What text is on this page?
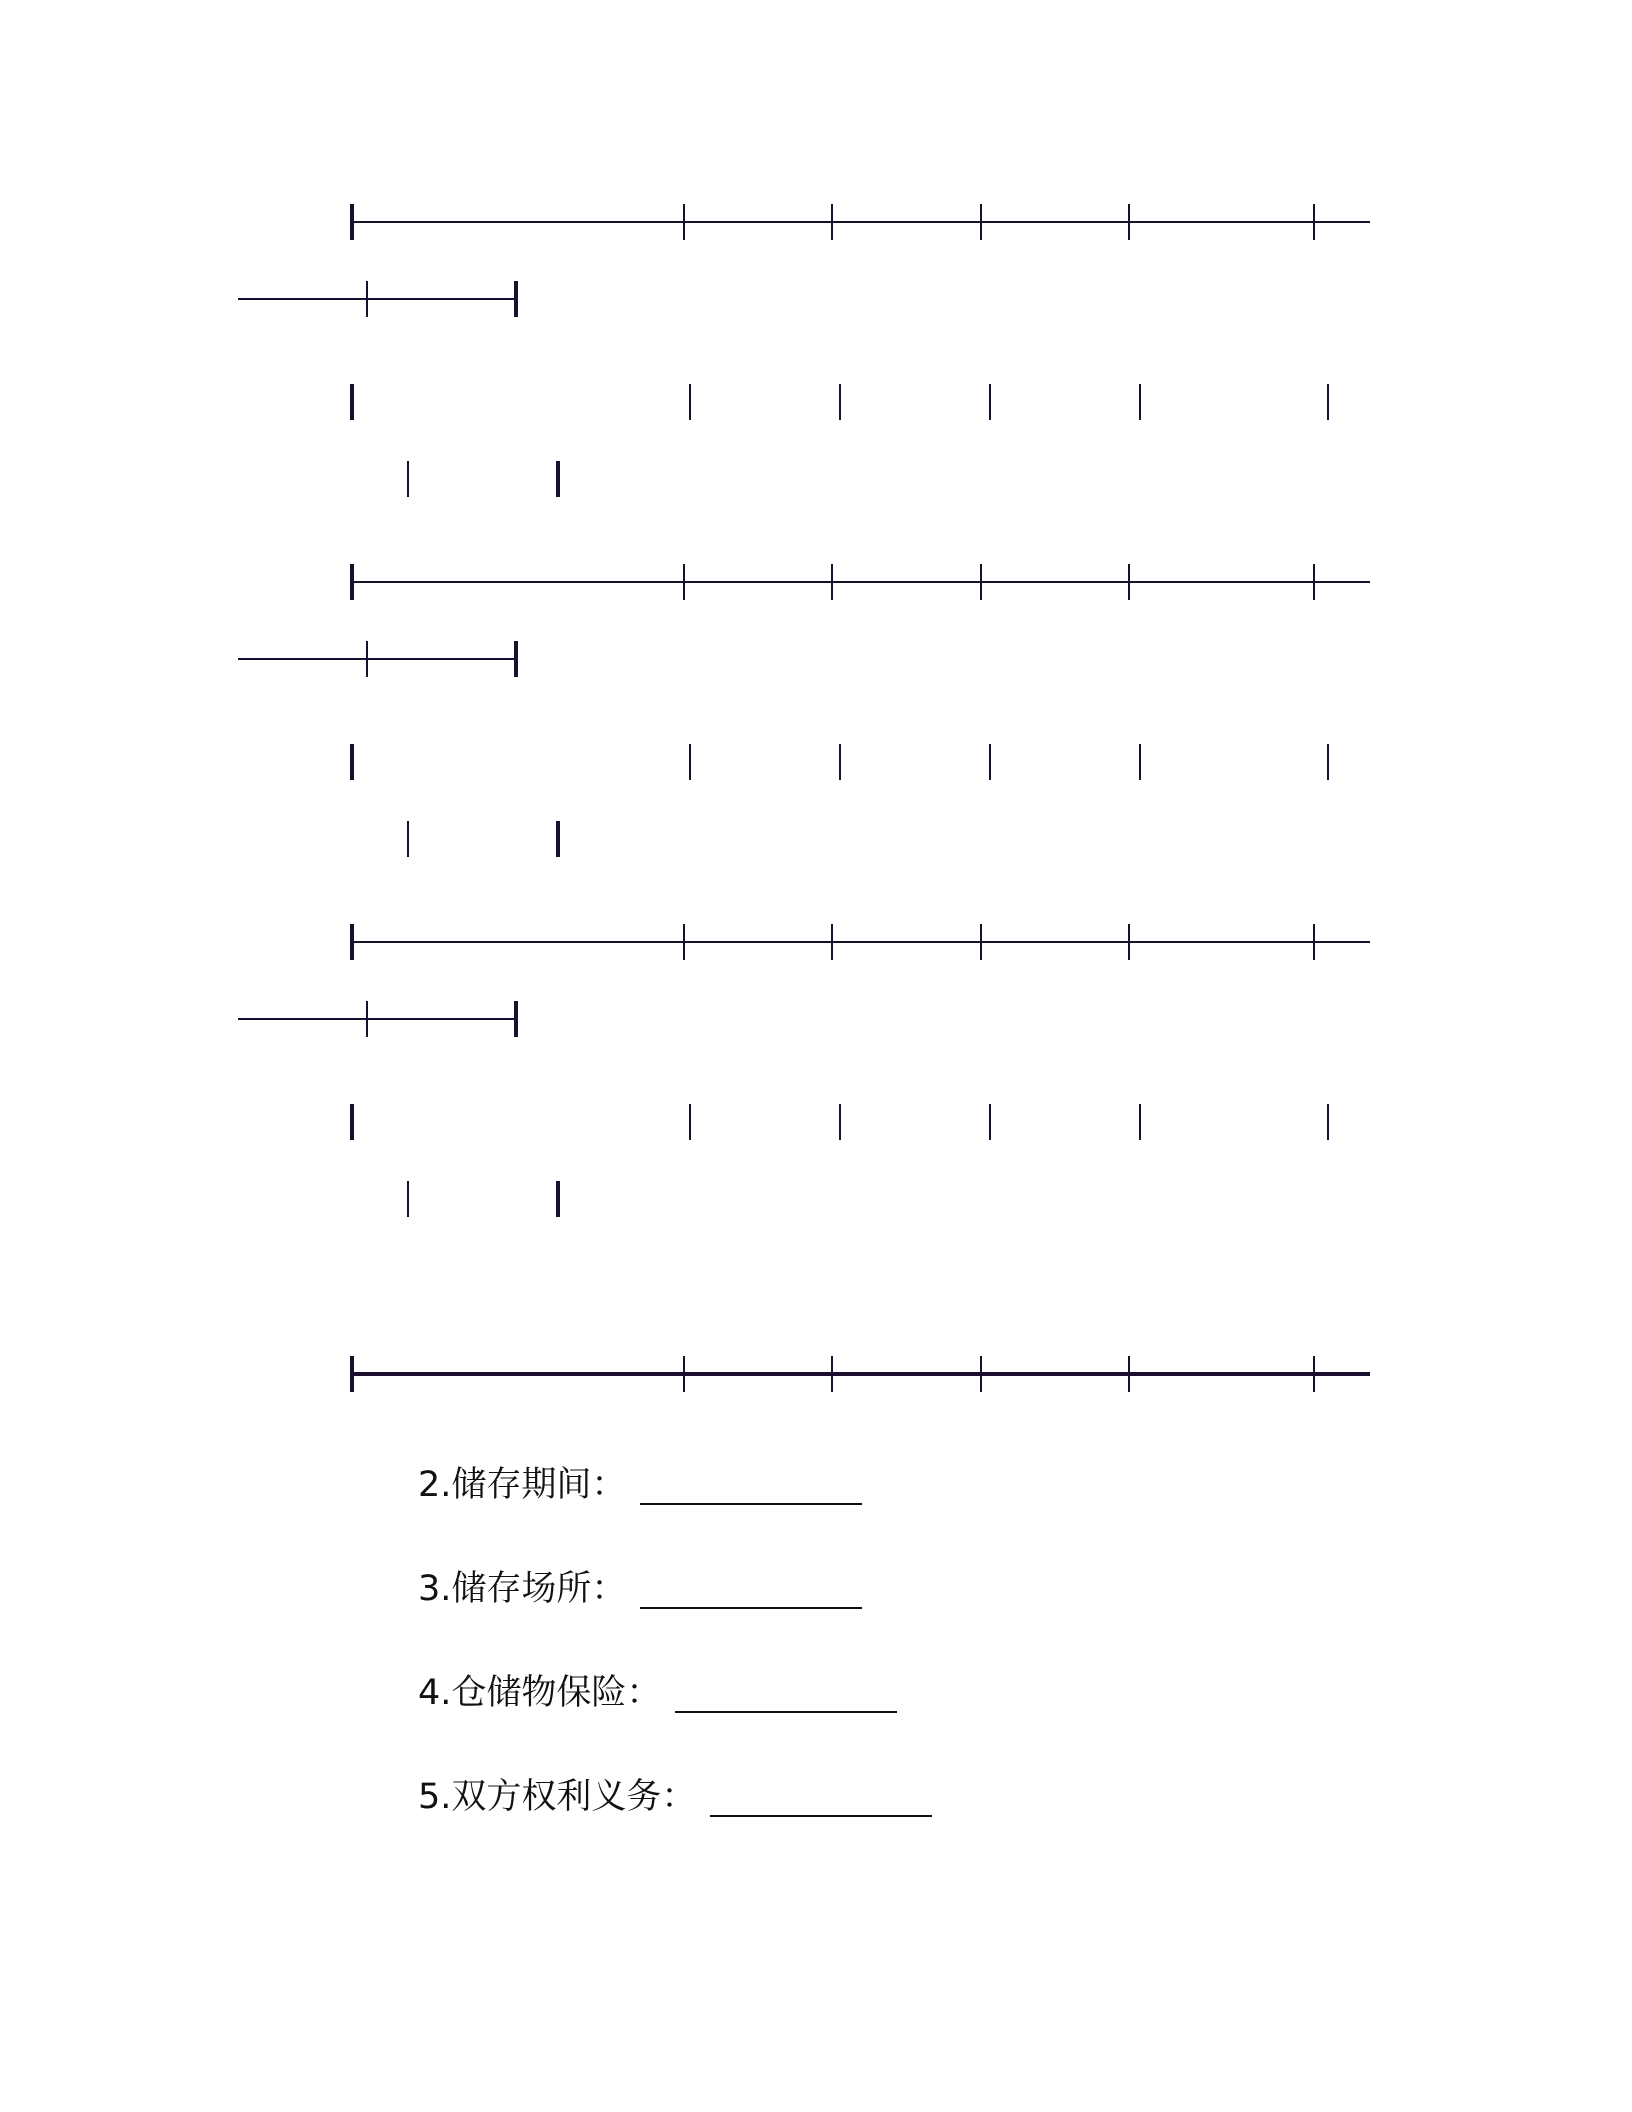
2.储存期间：
3.储存场所：
4.仓储物保险：
5.双方权利义务：
